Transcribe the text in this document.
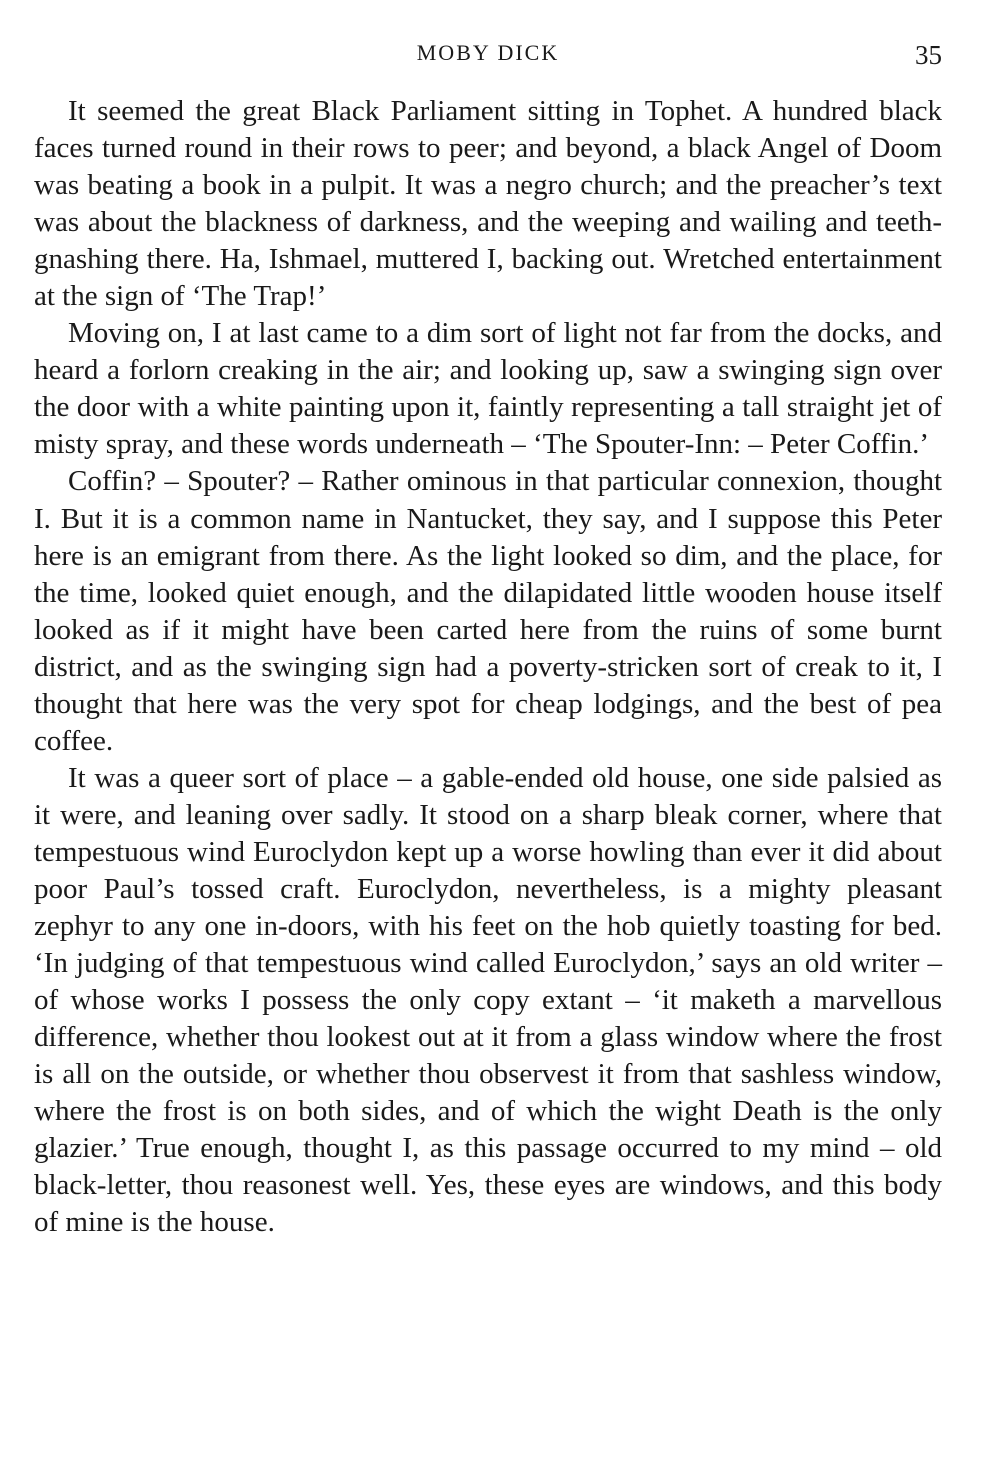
MOBY DICK	35

It seemed the great Black Parliament sitting in Tophet. A hundred black faces turned round in their rows to peer; and beyond, a black Angel of Doom was beating a book in a pulpit. It was a negro church; and the preacher’s text was about the blackness of darkness, and the weeping and wailing and teeth-gnashing there. Ha, Ishmael, muttered I, backing out. Wretched entertainment at the sign of ‘The Trap!’

Moving on, I at last came to a dim sort of light not far from the docks, and heard a forlorn creaking in the air; and looking up, saw a swinging sign over the door with a white painting upon it, faintly representing a tall straight jet of misty spray, and these words underneath – ‘The Spouter-Inn: – Peter Coffin.’

Coffin? – Spouter? – Rather ominous in that particular connexion, thought I. But it is a common name in Nantucket, they say, and I suppose this Peter here is an emigrant from there. As the light looked so dim, and the place, for the time, looked quiet enough, and the dilapidated little wooden house itself looked as if it might have been carted here from the ruins of some burnt district, and as the swinging sign had a poverty-stricken sort of creak to it, I thought that here was the very spot for cheap lodgings, and the best of pea coffee.

It was a queer sort of place – a gable-ended old house, one side palsied as it were, and leaning over sadly. It stood on a sharp bleak corner, where that tempestuous wind Euroclydon kept up a worse howling than ever it did about poor Paul’s tossed craft. Euroclydon, nevertheless, is a mighty pleasant zephyr to any one in-doors, with his feet on the hob quietly toasting for bed. ‘In judging of that tempestuous wind called Euroclydon,’ says an old writer – of whose works I possess the only copy extant – ‘it maketh a marvellous difference, whether thou lookest out at it from a glass window where the frost is all on the outside, or whether thou observest it from that sashless window, where the frost is on both sides, and of which the wight Death is the only glazier.’ True enough, thought I, as this passage occurred to my mind – old black-letter, thou reasonest well. Yes, these eyes are windows, and this body of mine is the house.
